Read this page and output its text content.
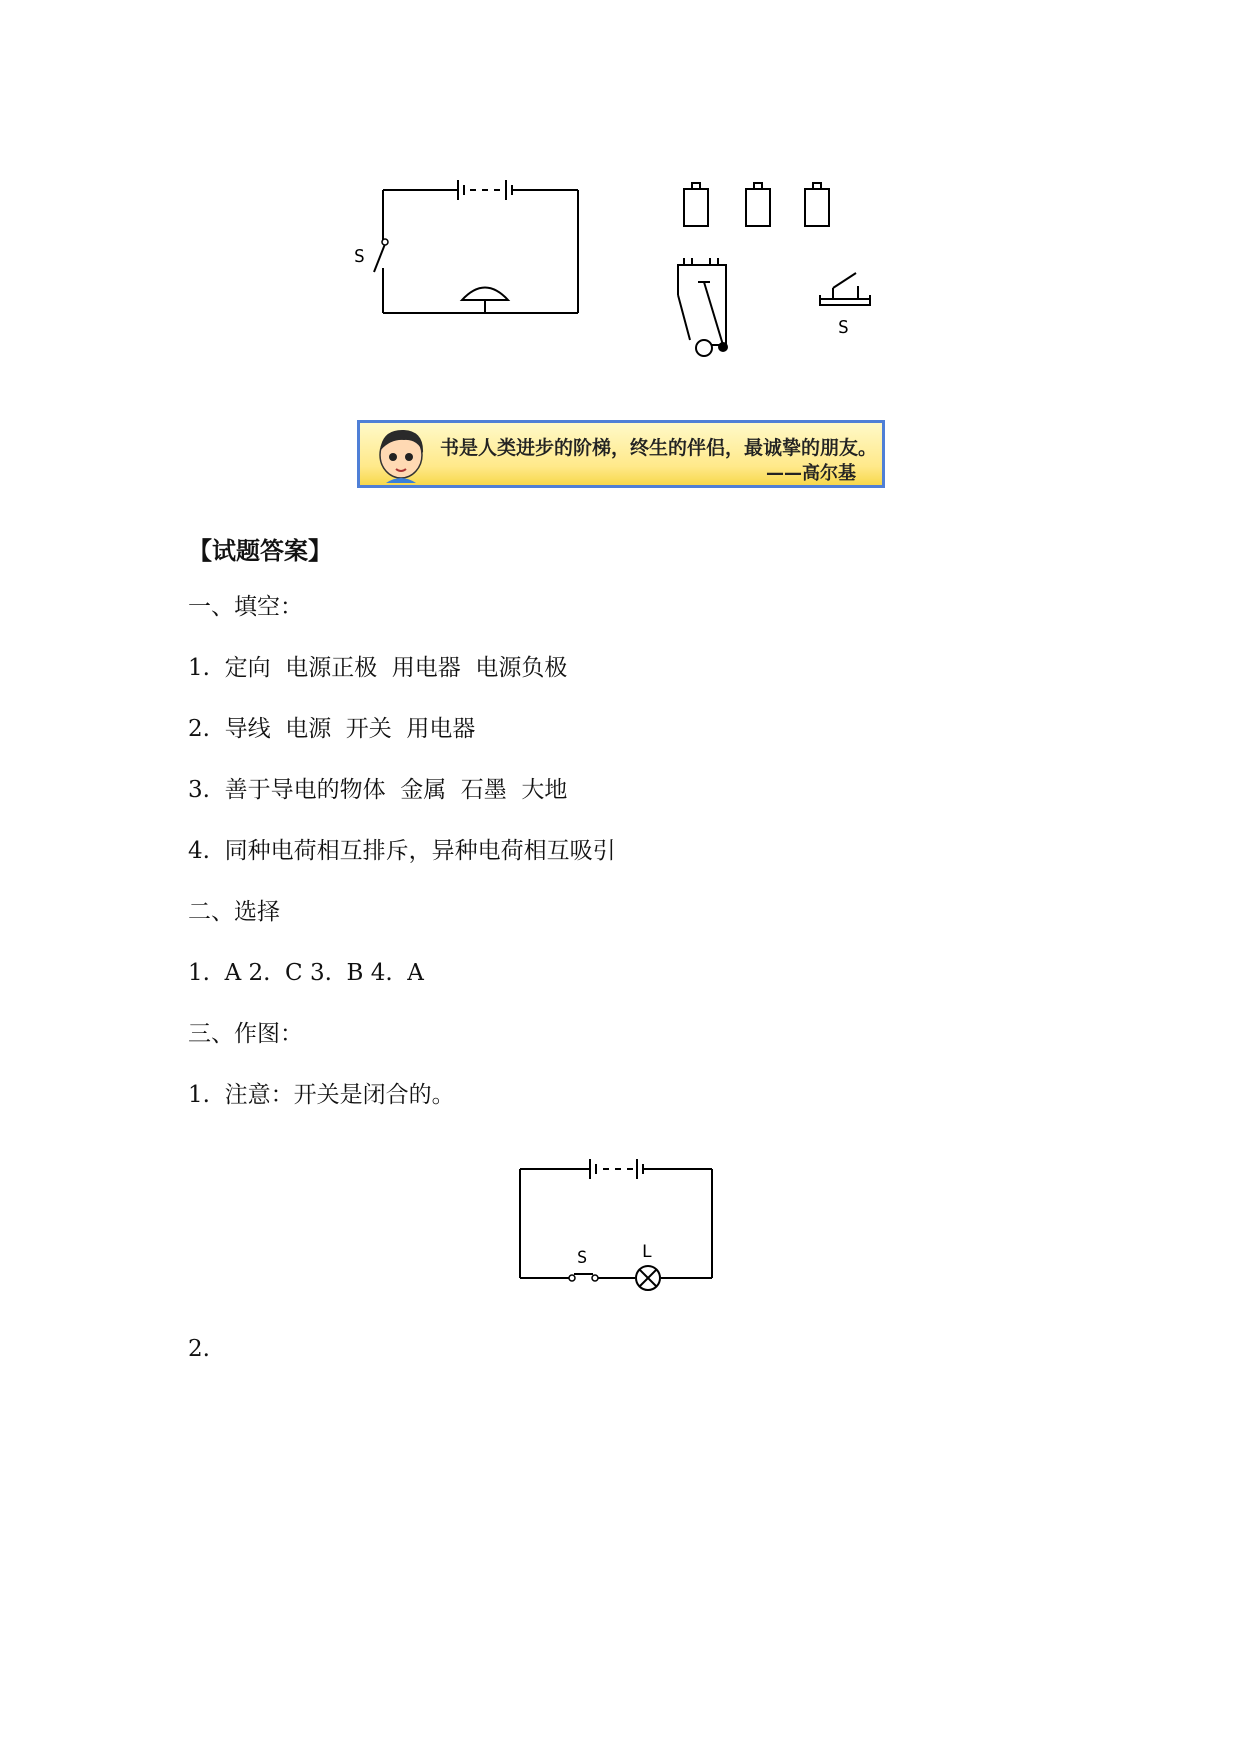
S
S
书是人类进步的阶梯，终生的伴侣，最诚挚的朋友。
——高尔基
【试题答案】
一、填空：
1.  定向  电源正极  用电器  电源负极
2.  导线  电源  开关  用电器
3.  善于导电的物体  金属  石墨  大地
4.  同种电荷相互排斥，异种电荷相互吸引
二、选择
1.  A 2.  C 3.  B 4.  A
三、作图：
1.  注意：开关是闭合的。
S	L
2.
